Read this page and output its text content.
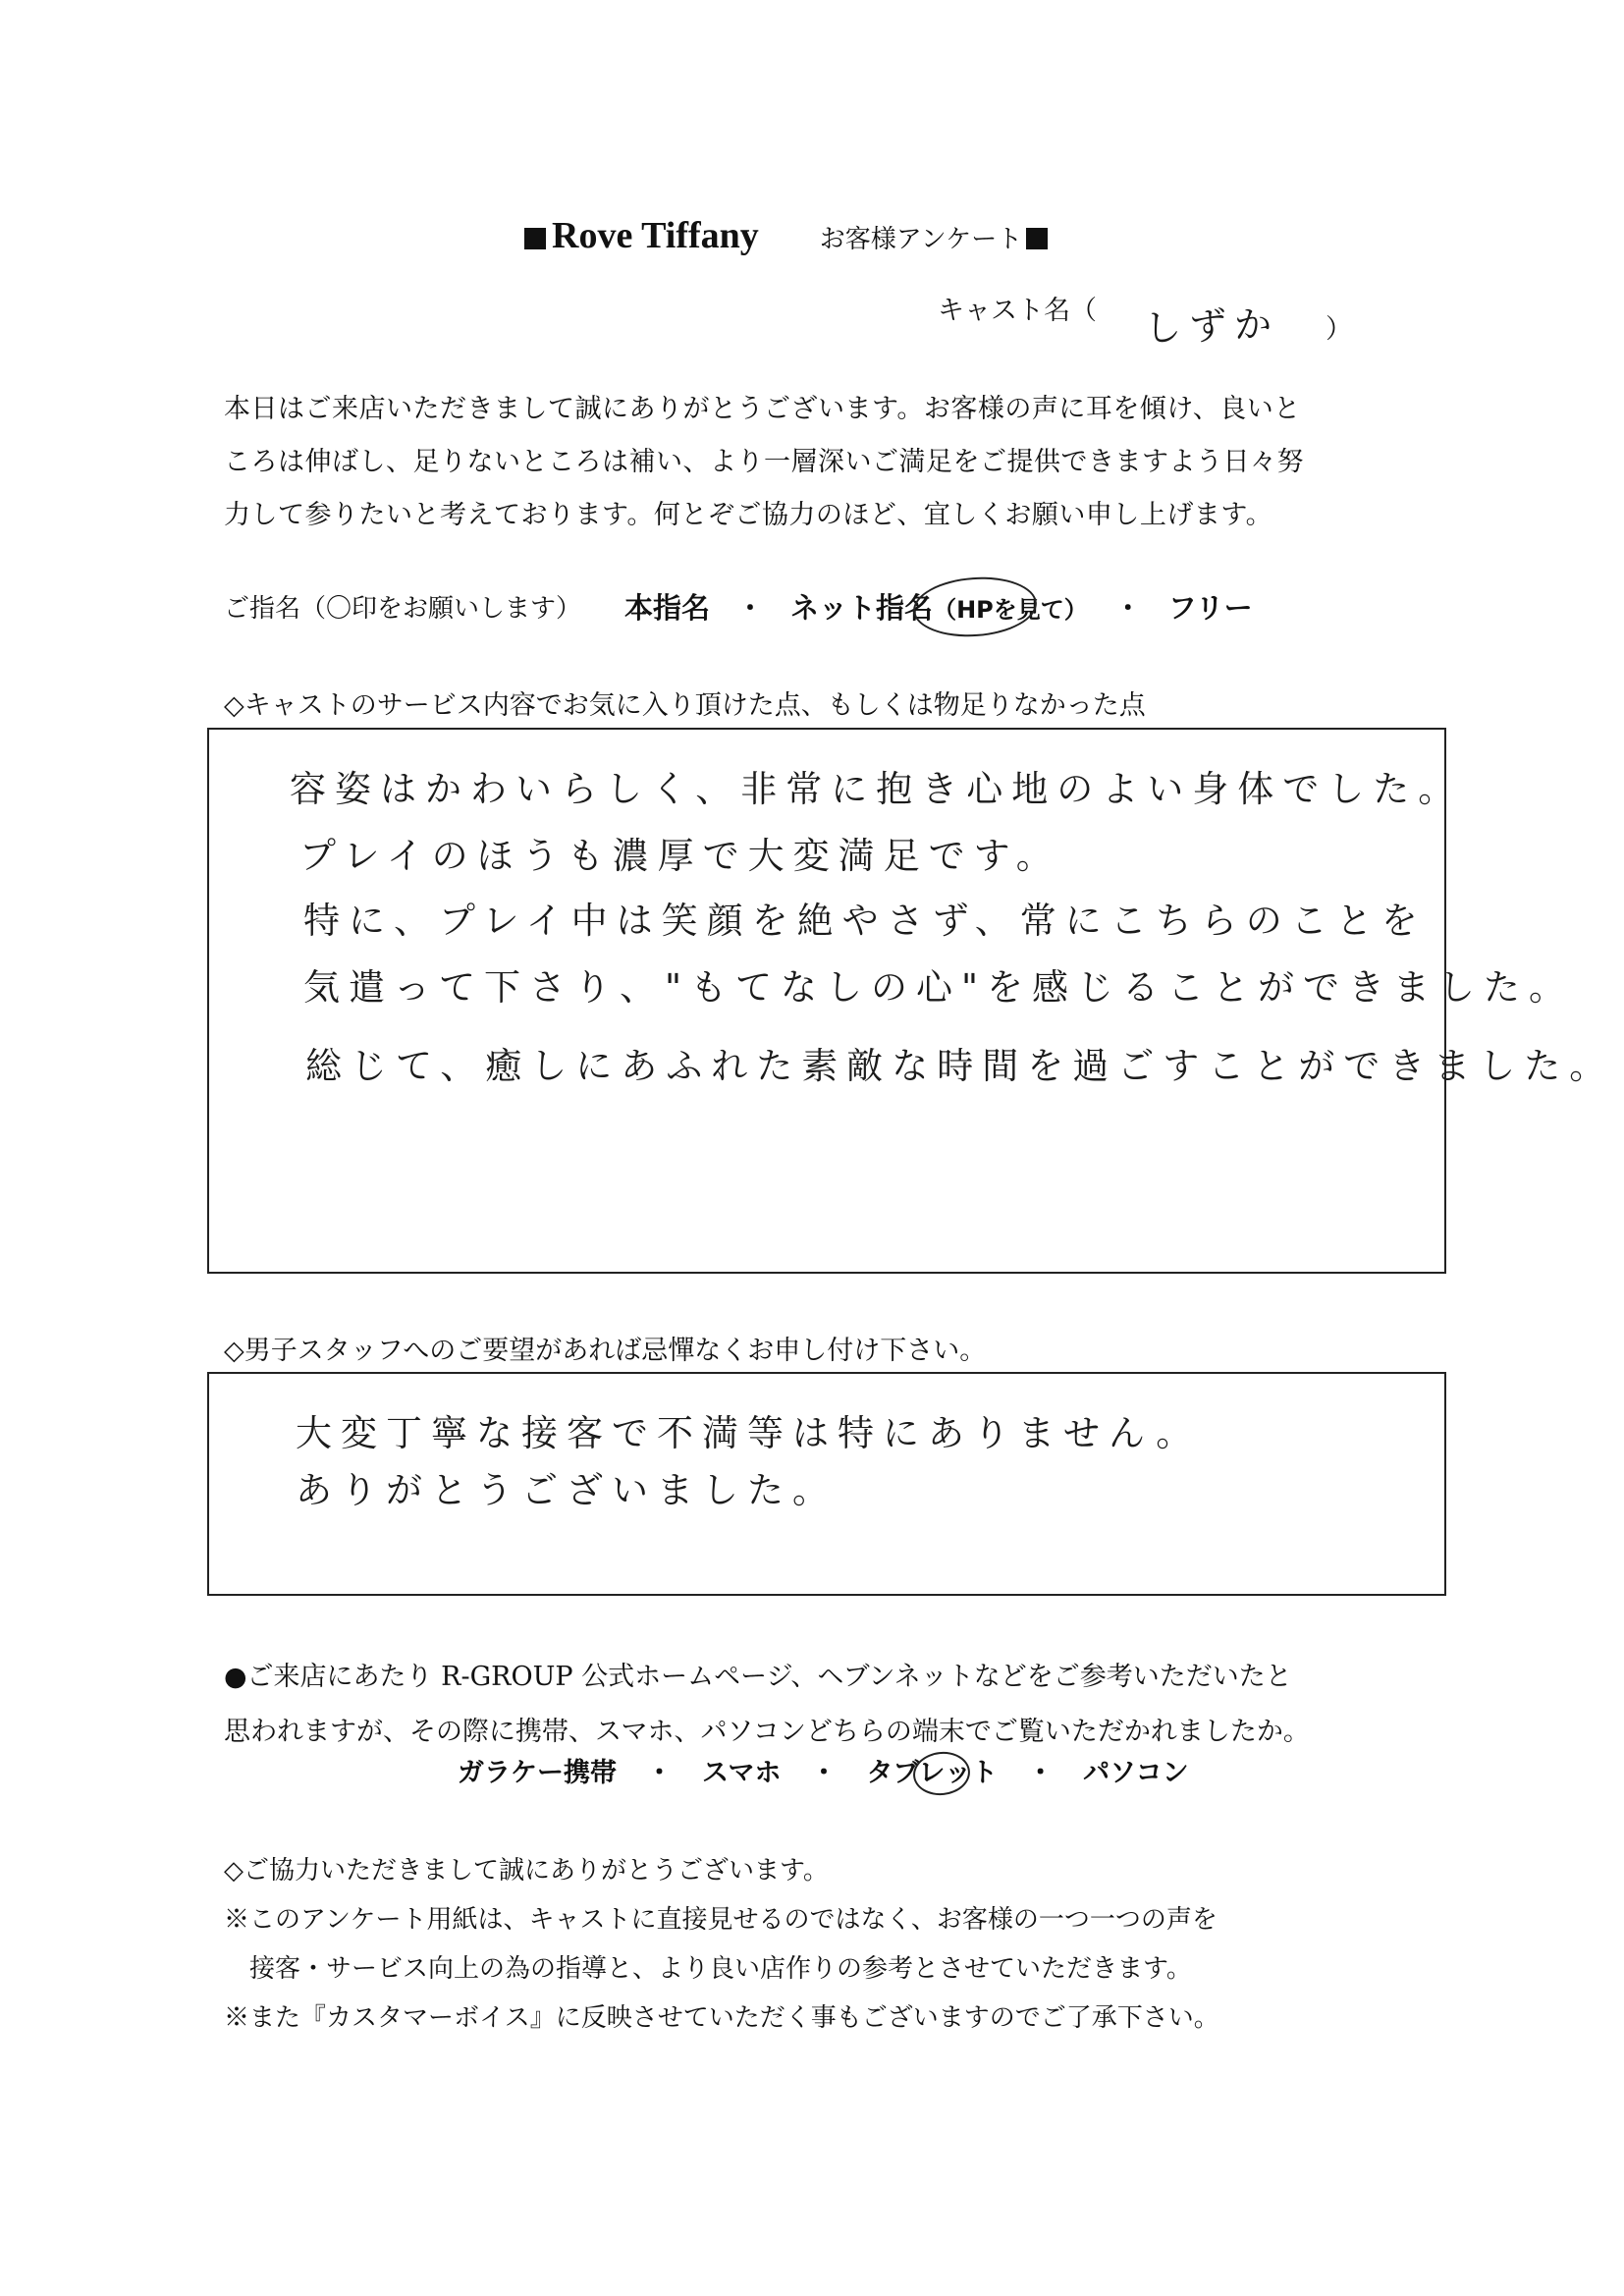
Rove Tiffany お客様アンケート
キャスト名（ しずか ）
本日はご来店いただきまして誠にありがとうございます。お客様の声に耳を傾け、良いと
ころは伸ばし、足りないところは補い、より一層深いご満足をご提供できますよう日々努
力して参りたいと考えております。何とぞご協力のほど、宜しくお願い申し上げます。
ご指名（〇印をお願いします） 本指名 ・ ネット指名（HPを見て） ・ フリー
◇キャストのサービス内容でお気に入り頂けた点、もしくは物足りなかった点
容姿はかわいらしく、非常に抱き心地のよい身体でした。
プレイのほうも濃厚で大変満足です。
特に、プレイ中は笑顔を絶やさず、常にこちらのことを
気遣って下さり、"もてなしの心"を感じることができました。
総じて、癒しにあふれた素敵な時間を過ごすことができました。
◇男子スタッフへのご要望があれば忌憚なくお申し付け下さい。
大変丁寧な接客で不満等は特にありません。
ありがとうございました。
●ご来店にあたり R-GROUP 公式ホームページ、ヘブンネットなどをご参考いただいたと
思われますが、その際に携帯、スマホ、パソコンどちらの端末でご覧いただかれましたか。
ガラケー携帯 ・ スマホ ・ タブレット ・ パソコン
◇ご協力いただきまして誠にありがとうございます。
※このアンケート用紙は、キャストに直接見せるのではなく、お客様の一つ一つの声を
接客・サービス向上の為の指導と、より良い店作りの参考とさせていただきます。
※また『カスタマーボイス』に反映させていただく事もございますのでご了承下さい。
